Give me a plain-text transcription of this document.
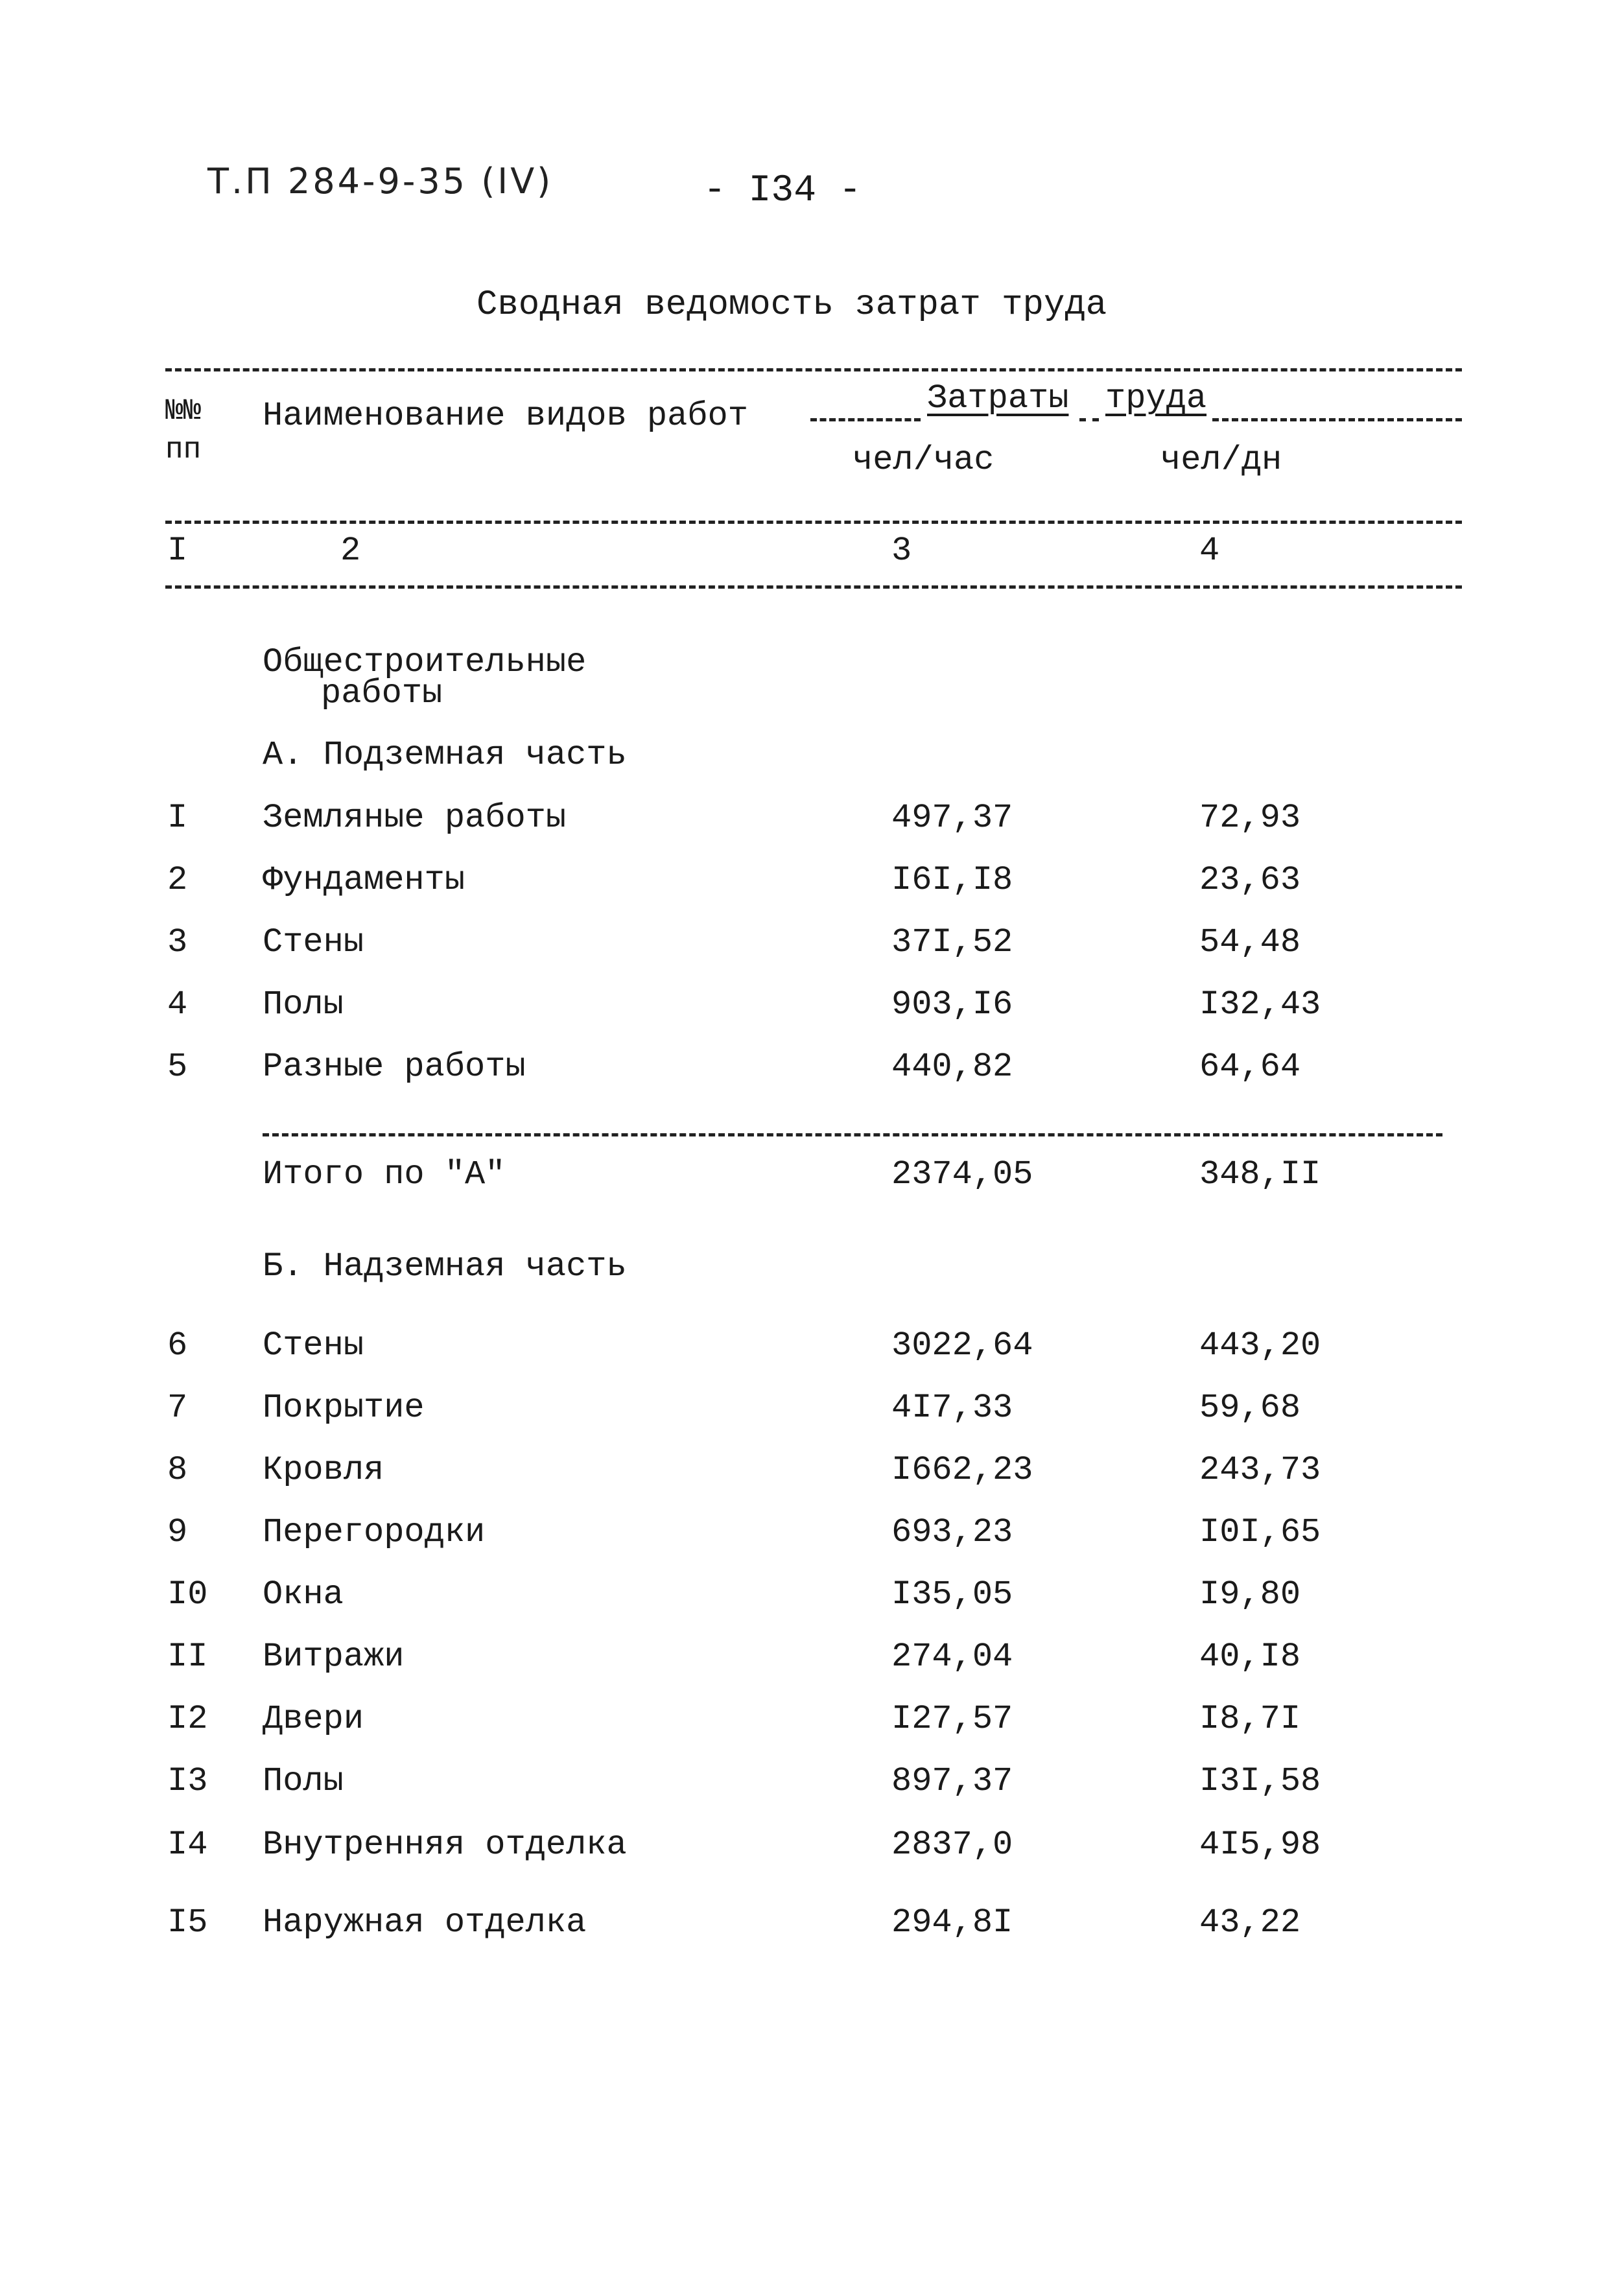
Т.П 284-9-35 (IV)	- I34 -
Сводная ведомость затрат труда
№№
пп
Наименование видов работ	Затраты труда
чел/час	чел/дн
I	2	3	4
Общестроительные
работы
А. Подземная часть
I Земляные работы	497,37	72,93
2 Фундаменты	I6I,I8	23,63
3 Стены	37I,52	54,48
4 Полы	903,I6	I32,43
5 Разные работы	440,82	64,64
Итого по "А"	2374,05	348,II
Б. Надземная часть
6 Стены	3022,64	443,20
7 Покрытие	4I7,33	59,68
8 Кровля	I662,23	243,73
9 Перегородки	693,23	I0I,65
I0 Окна	I35,05	I9,80
II Витражи	274,04	40,I8
I2 Двери	I27,57	I8,7I
I3 Полы	897,37	I3I,58
I4 Внутренняя отделка	2837,0	4I5,98
I5 Наружная отделка	294,8I	43,22
